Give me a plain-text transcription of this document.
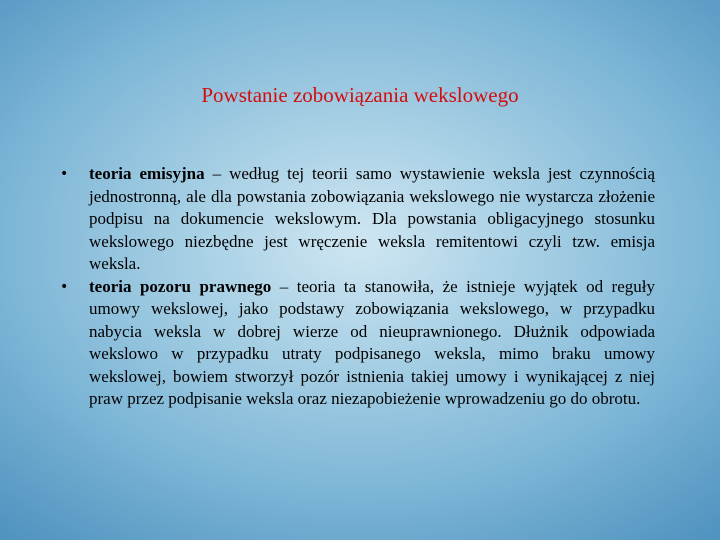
Powstanie zobowiązania wekslowego
•	teoria emisyjna – według tej teorii samo wystawienie weksla jest czynnością jednostronną, ale dla powstania zobowiązania wekslowego nie wystarcza złożenie podpisu na dokumencie wekslowym. Dla powstania obligacyjnego stosunku wekslowego niezbędne jest wręczenie weksla remitentowi czyli tzw. emisja weksla.
•	teoria pozoru prawnego – teoria ta stanowiła, że istnieje wyjątek od reguły umowy wekslowej, jako podstawy zobowiązania wekslowego, w przypadku nabycia weksla w dobrej wierze od nieuprawnionego. Dłużnik odpowiada wekslowo w przypadku utraty podpisanego weksla, mimo braku umowy wekslowej, bowiem stworzył pozór istnienia takiej umowy i wynikającej z niej praw przez podpisanie weksla oraz niezapobieżenie wprowadzeniu go do obrotu.
